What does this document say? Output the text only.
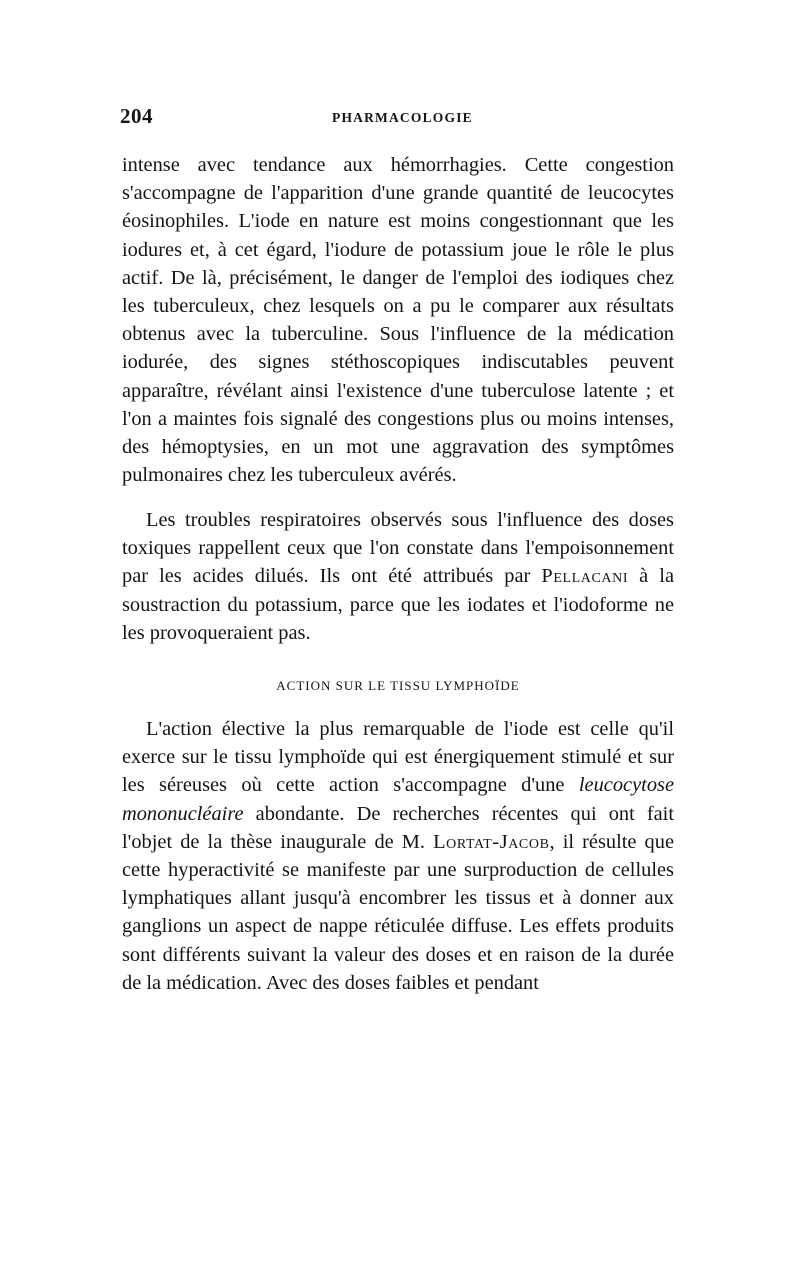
204	PHARMACOLOGIE

intense avec tendance aux hémorrhagies. Cette congestion s'accompagne de l'apparition d'une grande quantité de leucocytes éosinophiles. L'iode en nature est moins congestionnant que les iodures et, à cet égard, l'iodure de potassium joue le rôle le plus actif. De là, précisément, le danger de l'emploi des iodiques chez les tuberculeux, chez lesquels on a pu le comparer aux résultats obtenus avec la tuberculine. Sous l'influence de la médication iodurée, des signes stéthoscopiques indiscutables peuvent apparaître, révélant ainsi l'existence d'une tuberculose latente ; et l'on a maintes fois signalé des congestions plus ou moins intenses, des hémoptysies, en un mot une aggravation des symptômes pulmonaires chez les tuberculeux avérés.

Les troubles respiratoires observés sous l'influence des doses toxiques rappellent ceux que l'on constate dans l'empoisonnement par les acides dilués. Ils ont été attribués par Pellacani à la soustraction du potassium, parce que les iodates et l'iodoforme ne les provoqueraient pas.

ACTION SUR LE TISSU LYMPHOÏDE

L'action élective la plus remarquable de l'iode est celle qu'il exerce sur le tissu lymphoïde qui est énergiquement stimulé et sur les séreuses où cette action s'accompagne d'une leucocytose mononucléaire abondante. De recherches récentes qui ont fait l'objet de la thèse inaugurale de M. Lortat-Jacob, il résulte que cette hyperactivité se manifeste par une surproduction de cellules lymphatiques allant jusqu'à encombrer les tissus et à donner aux ganglions un aspect de nappe réticulée diffuse. Les effets produits sont différents suivant la valeur des doses et en raison de la durée de la médication. Avec des doses faibles et pendant
